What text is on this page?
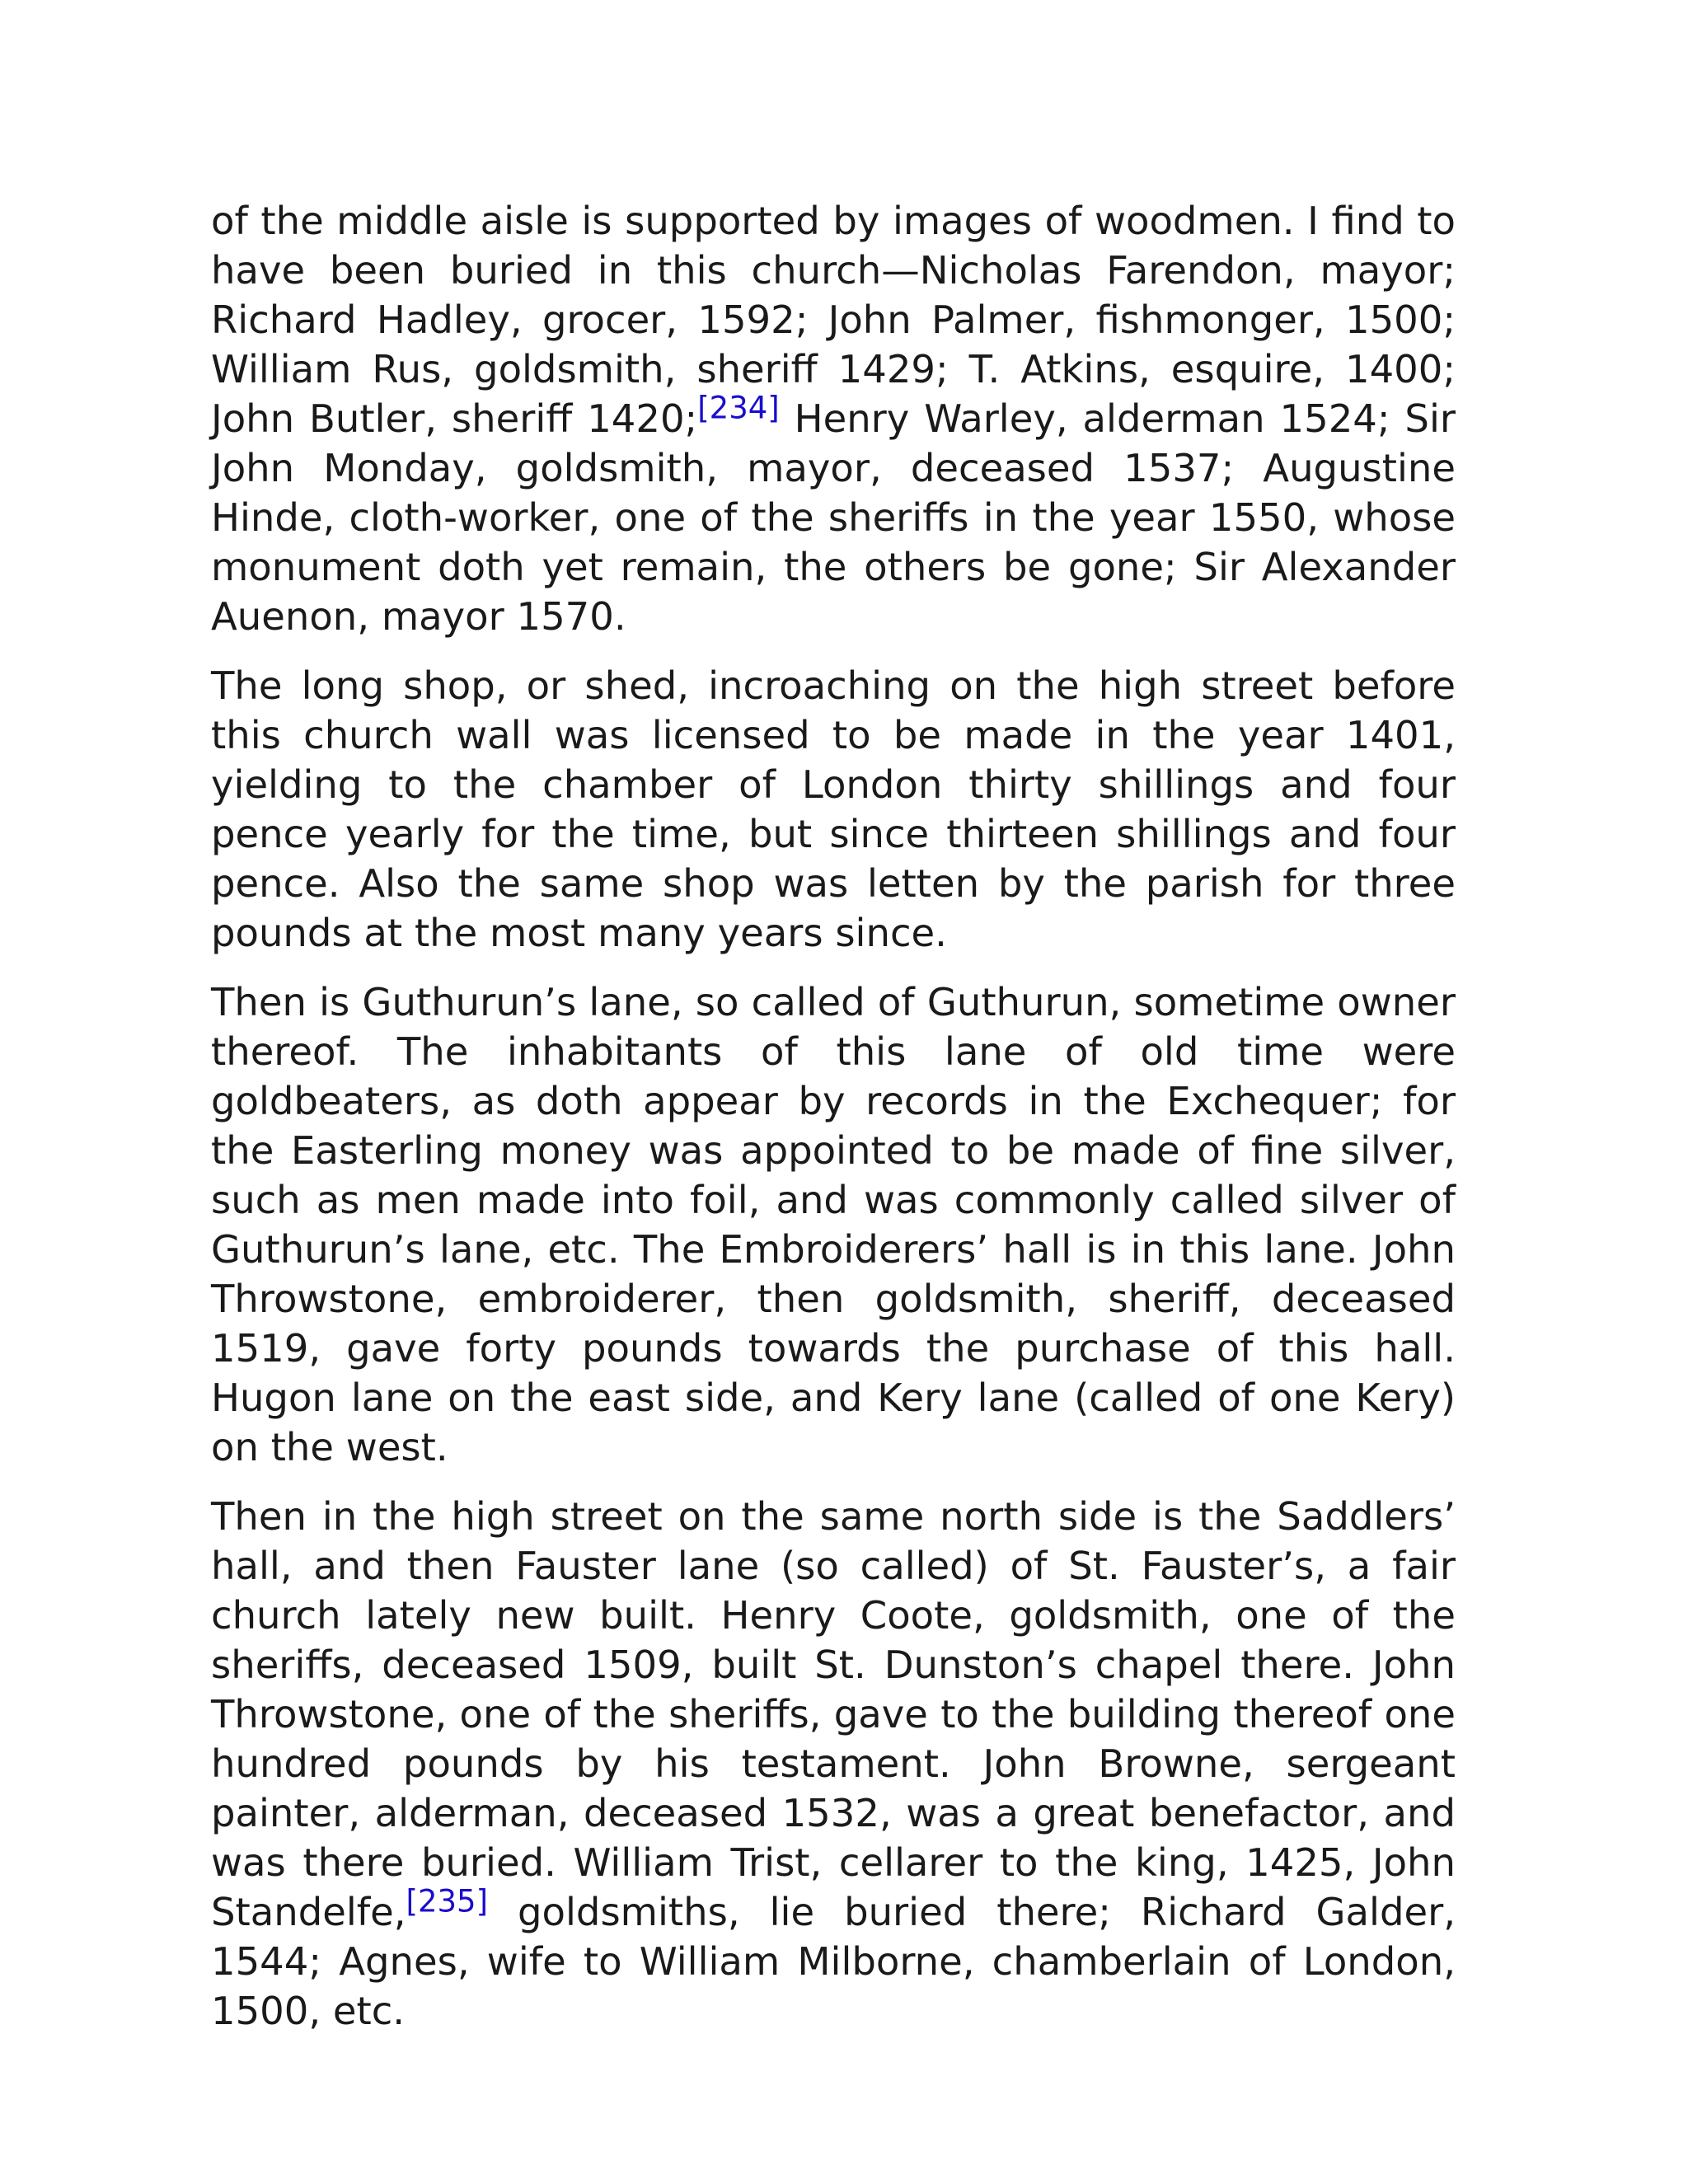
of the middle aisle is supported by images of woodmen. I find to have been buried in this church—Nicholas Farendon, mayor; Richard Hadley, grocer, 1592; John Palmer, fishmonger, 1500; William Rus, goldsmith, sheriff 1429; T. Atkins, esquire, 1400; John Butler, sheriff 1420;[234] Henry Warley, alderman 1524; Sir John Monday, goldsmith, mayor, deceased 1537; Augustine Hinde, cloth-worker, one of the sheriffs in the year 1550, whose monument doth yet remain, the others be gone; Sir Alexander Auenon, mayor 1570.

The long shop, or shed, incroaching on the high street before this church wall was licensed to be made in the year 1401, yielding to the chamber of London thirty shillings and four pence yearly for the time, but since thirteen shillings and four pence. Also the same shop was letten by the parish for three pounds at the most many years since.

Then is Guthurun’s lane, so called of Guthurun, sometime owner thereof. The inhabitants of this lane of old time were goldbeaters, as doth appear by records in the Exchequer; for the Easterling money was appointed to be made of fine silver, such as men made into foil, and was commonly called silver of Guthurun’s lane, etc. The Embroiderers’ hall is in this lane. John Throwstone, embroiderer, then goldsmith, sheriff, deceased 1519, gave forty pounds towards the purchase of this hall. Hugon lane on the east side, and Kery lane (called of one Kery) on the west.

Then in the high street on the same north side is the Saddlers’ hall, and then Fauster lane (so called) of St. Fauster’s, a fair church lately new built. Henry Coote, goldsmith, one of the sheriffs, deceased 1509, built St. Dunston’s chapel there. John Throwstone, one of the sheriffs, gave to the building thereof one hundred pounds by his testament. John Browne, sergeant painter, alderman, deceased 1532, was a great benefactor, and was there buried. William Trist, cellarer to the king, 1425, John Standelfe,[235] goldsmiths, lie buried there; Richard Galder, 1544; Agnes, wife to William Milborne, chamberlain of London, 1500, etc.
